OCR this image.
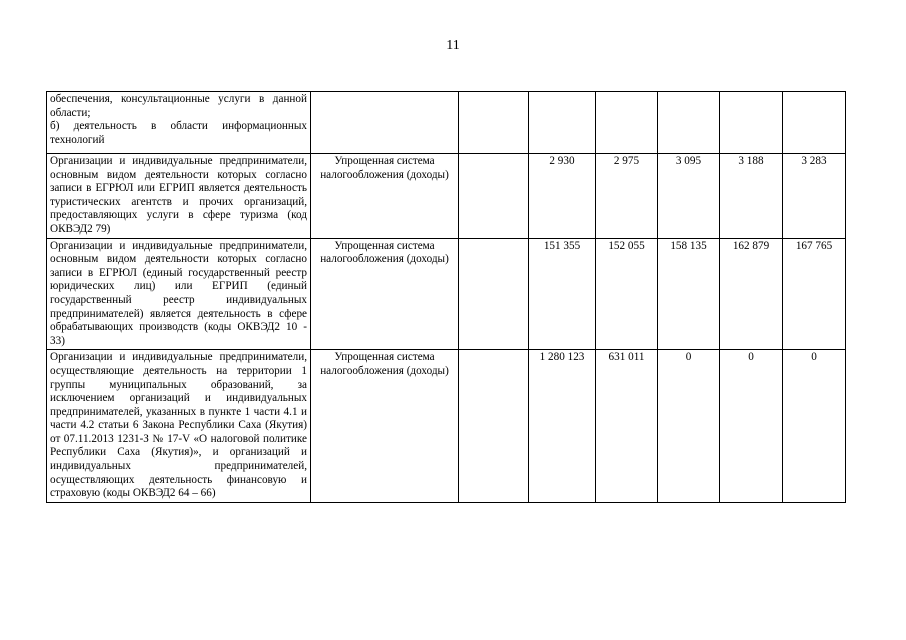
11
обеспечения, консультационные услуги в данной области;
б) деятельность в области информационных технологий							

Организации и индивидуальные предприниматели, основным видом деятельности которых согласно записи в ЕГРЮЛ или ЕГРИП является деятельность туристических агентств и прочих организаций, предоставляющих услуги в сфере туризма (код ОКВЭД2 79)	Упрощенная система налогообложения (доходы)		2 930	2 975	3 095	3 188	3 283

Организации и индивидуальные предприниматели, основным видом деятельности которых согласно записи в ЕГРЮЛ (единый государственный реестр юридических лиц) или ЕГРИП (единый государственный реестр индивидуальных предпринимателей) является деятельность в сфере обрабатывающих производств (коды ОКВЭД2 10 - 33)	Упрощенная система налогообложения (доходы)		151 355	152 055	158 135	162 879	167 765

Организации и индивидуальные предприниматели, осуществляющие деятельность на территории 1 группы муниципальных образований, за исключением организаций и индивидуальных предпринимателей, указанных в пункте 1 части 4.1 и части 4.2 статьи 6 Закона Республики Саха (Якутия) от 07.11.2013 1231-З № 17-V «О налоговой политике Республики Саха (Якутия)», и организаций и индивидуальных предпринимателей, осуществляющих деятельность финансовую и страховую (коды ОКВЭД2 64 – 66)	Упрощенная система налогообложения (доходы)		1 280 123	631 011	0	0	0
